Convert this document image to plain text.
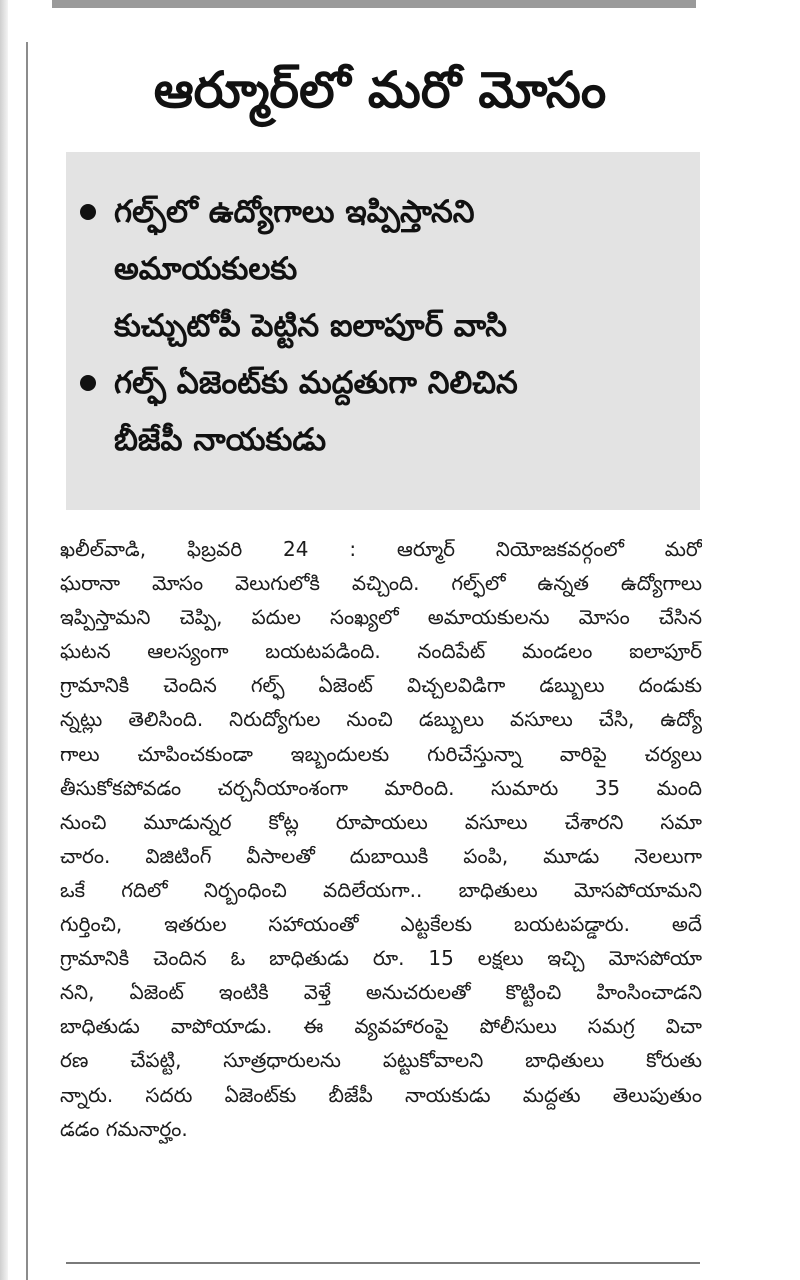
ఆర్మూర్‌లో మరో మోసం
గల్ఫ్‌లో ఉద్యోగాలు ఇప్పిస్తానని
అమాయకులకు
కుచ్చుటోపీ పెట్టిన ఐలాపూర్ వాసి
గల్ఫ్ ఏజెంట్‌కు మద్దతుగా నిలిచిన
బీజేపీ నాయకుడు
ఖలీల్‌వాడి, ఫిబ్రవరి 24 : ఆర్మూర్ నియోజకవర్గంలో మరో
ఘరానా మోసం వెలుగులోకి వచ్చింది. గల్ఫ్‌లో ఉన్నత ఉద్యోగాలు
ఇప్పిస్తామని చెప్పి, పదుల సంఖ్యలో అమాయకులను మోసం చేసిన
ఘటన ఆలస్యంగా బయటపడింది. నందిపేట్ మండలం ఐలాపూర్
గ్రామానికి చెందిన గల్ఫ్ ఏజెంట్ విచ్చలవిడిగా డబ్బులు దండుకు
న్నట్లు తెలిసింది. నిరుద్యోగుల నుంచి డబ్బులు వసూలు చేసి, ఉద్యో
గాలు చూపించకుండా ఇబ్బందులకు గురిచేస్తున్నా వారిపై చర్యలు
తీసుకోకపోవడం చర్చనీయాంశంగా మారింది. సుమారు 35 మంది
నుంచి మూడున్నర కోట్ల రూపాయలు వసూలు చేశారని సమా
చారం. విజిటింగ్ వీసాలతో దుబాయికి పంపి, మూడు నెలలుగా
ఒకే గదిలో నిర్బంధించి వదిలేయగా.. బాధితులు మోసపోయామని
గుర్తించి, ఇతరుల సహాయంతో ఎట్టకేలకు బయటపడ్డారు. అదే
గ్రామానికి చెందిన ఓ బాధితుడు రూ. 15 లక్షలు ఇచ్చి మోసపోయా
నని, ఏజెంట్ ఇంటికి వెళ్తే అనుచరులతో కొట్టించి హింసించాడని
బాధితుడు వాపోయాడు. ఈ వ్యవహారంపై పోలీసులు సమగ్ర విచా
రణ చేపట్టి, సూత్రధారులను పట్టుకోవాలని బాధితులు కోరుతు
న్నారు. సదరు ఏజెంట్‌కు బీజేపీ నాయకుడు మద్దతు తెలుపుతుం
డడం గమనార్హం.
